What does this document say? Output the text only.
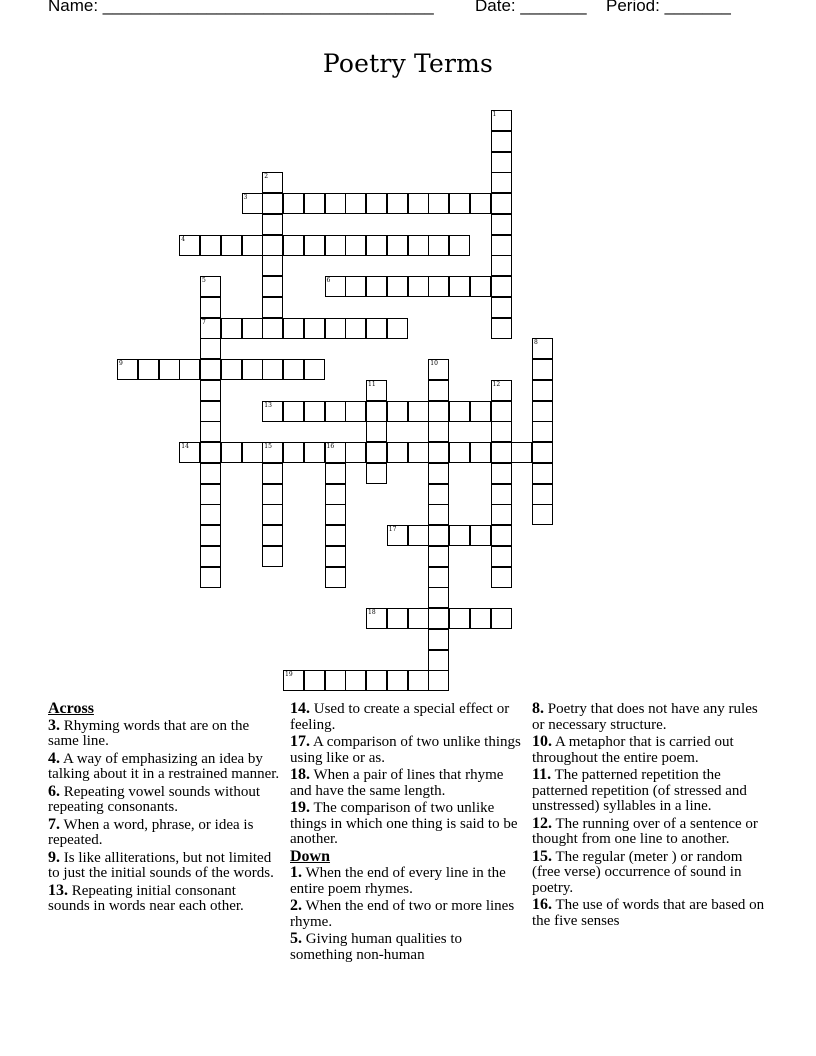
Name: ___________________________________ Date: _______ Period: _______
Poetry Terms
1
2
3
4
5	6
7
8
9	10
11	12
13
14	15	16
17
18
19
Across
3. Rhyming words that are on the same line.
4. A way of emphasizing an idea by talking about it in a restrained manner.
6. Repeating vowel sounds without repeating consonants.
7. When a word, phrase, or idea is repeated.
9. Is like alliterations, but not limited to just the initial sounds of the words.
13. Repeating initial consonant sounds in words near each other.
14. Used to create a special effect or feeling.
17. A comparison of two unlike things using like or as.
18. When a pair of lines that rhyme and have the same length.
19. The comparison of two unlike things in which one thing is said to be another.
Down
1. When the end of every line in the entire poem rhymes.
2. When the end of two or more lines rhyme.
5. Giving human qualities to something non-human
8. Poetry that does not have any rules or necessary structure.
10. A metaphor that is carried out throughout the entire poem.
11. The patterned repetition the patterned repetition (of stressed and unstressed) syllables in a line.
12. The running over of a sentence or thought from one line to another.
15. The regular (meter ) or random (free verse) occurrence of sound in poetry.
16. The use of words that are based on the five senses
